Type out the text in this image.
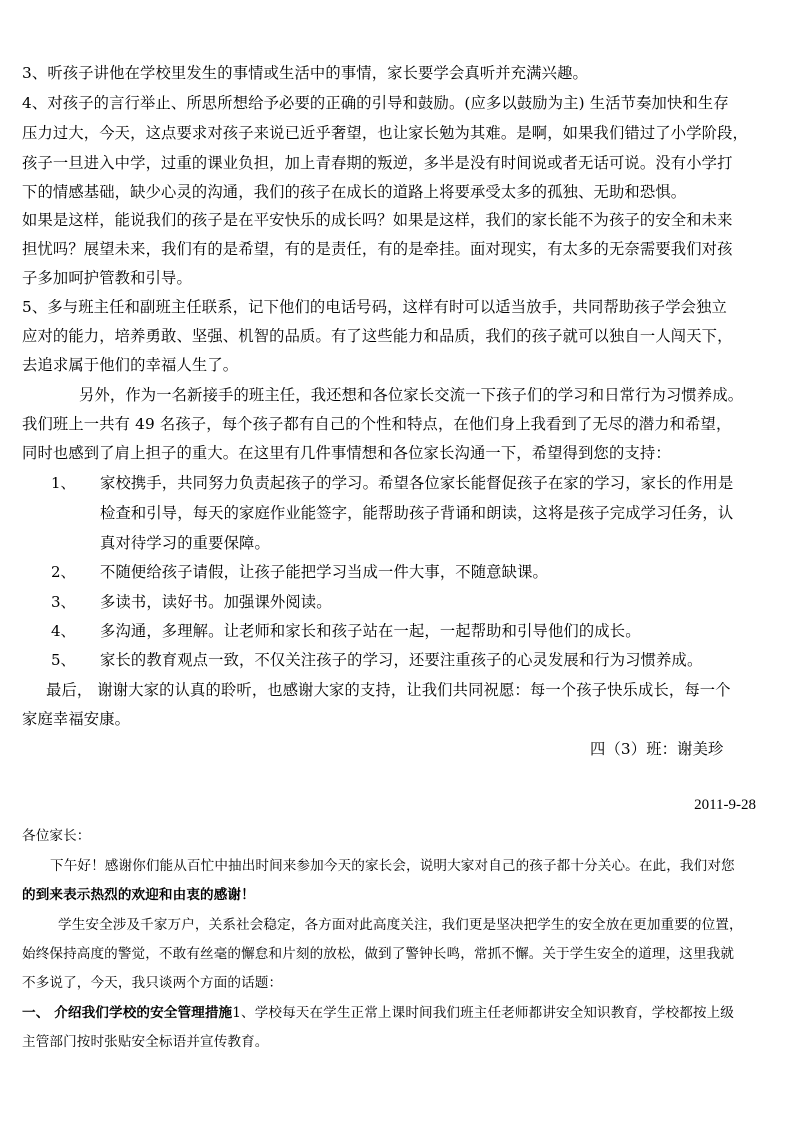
3、听孩子讲他在学校里发生的事情或生活中的事情，家长要学会真听并充满兴趣。
4、对孩子的言行举止、所思所想给予必要的正确的引导和鼓励。(应多以鼓励为主) 生活节奏加快和生存
压力过大，今天，这点要求对孩子来说已近乎奢望，也让家长勉为其难。是啊，如果我们错过了小学阶段，
孩子一旦进入中学，过重的课业负担，加上青春期的叛逆，多半是没有时间说或者无话可说。没有小学打
下的情感基础，缺少心灵的沟通，我们的孩子在成长的道路上将要承受太多的孤独、无助和恐惧。
如果是这样，能说我们的孩子是在平安快乐的成长吗？如果是这样，我们的家长能不为孩子的安全和未来
担忧吗？展望未来，我们有的是希望，有的是责任，有的是牵挂。面对现实，有太多的无奈需要我们对孩
子多加呵护管教和引导。
5、多与班主任和副班主任联系，记下他们的电话号码，这样有时可以适当放手，共同帮助孩子学会独立
应对的能力，培养勇敢、坚强、机智的品质。有了这些能力和品质，我们的孩子就可以独自一人闯天下，
去追求属于他们的幸福人生了。
另外，作为一名新接手的班主任，我还想和各位家长交流一下孩子们的学习和日常行为习惯养成。
我们班上一共有 49 名孩子，每个孩子都有自己的个性和特点，在他们身上我看到了无尽的潜力和希望，
同时也感到了肩上担子的重大。在这里有几件事情想和各位家长沟通一下，希望得到您的支持：
1、 家校携手，共同努力负责起孩子的学习。希望各位家长能督促孩子在家的学习，家长的作用是
检查和引导，每天的家庭作业能签字，能帮助孩子背诵和朗读，这将是孩子完成学习任务，认
真对待学习的重要保障。
2、 不随便给孩子请假，让孩子能把学习当成一件大事，不随意缺课。
3、 多读书，读好书。加强课外阅读。
4、 多沟通，多理解。让老师和家长和孩子站在一起，一起帮助和引导他们的成长。
5、 家长的教育观点一致，不仅关注孩子的学习，还要注重孩子的心灵发展和行为习惯养成。
最后， 谢谢大家的认真的聆听，也感谢大家的支持，让我们共同祝愿：每一个孩子快乐成长，每一个
家庭幸福安康。
四（3）班：谢美珍
2011-9-28
各位家长：
下午好！感谢你们能从百忙中抽出时间来参加今天的家长会，说明大家对自己的孩子都十分关心。在此，我们对您
的到来表示热烈的欢迎和由衷的感谢！
学生安全涉及千家万户，关系社会稳定，各方面对此高度关注，我们更是坚决把学生的安全放在更加重要的位置，
始终保持高度的警觉，不敢有丝毫的懈怠和片刻的放松，做到了警钟长鸣，常抓不懈。关于学生安全的道理，这里我就
不多说了，今天，我只谈两个方面的话题：
一、 介绍我们学校的安全管理措施1、学校每天在学生正常上课时间我们班主任老师都讲安全知识教育，学校都按上级
主管部门按时张贴安全标语并宣传教育。
